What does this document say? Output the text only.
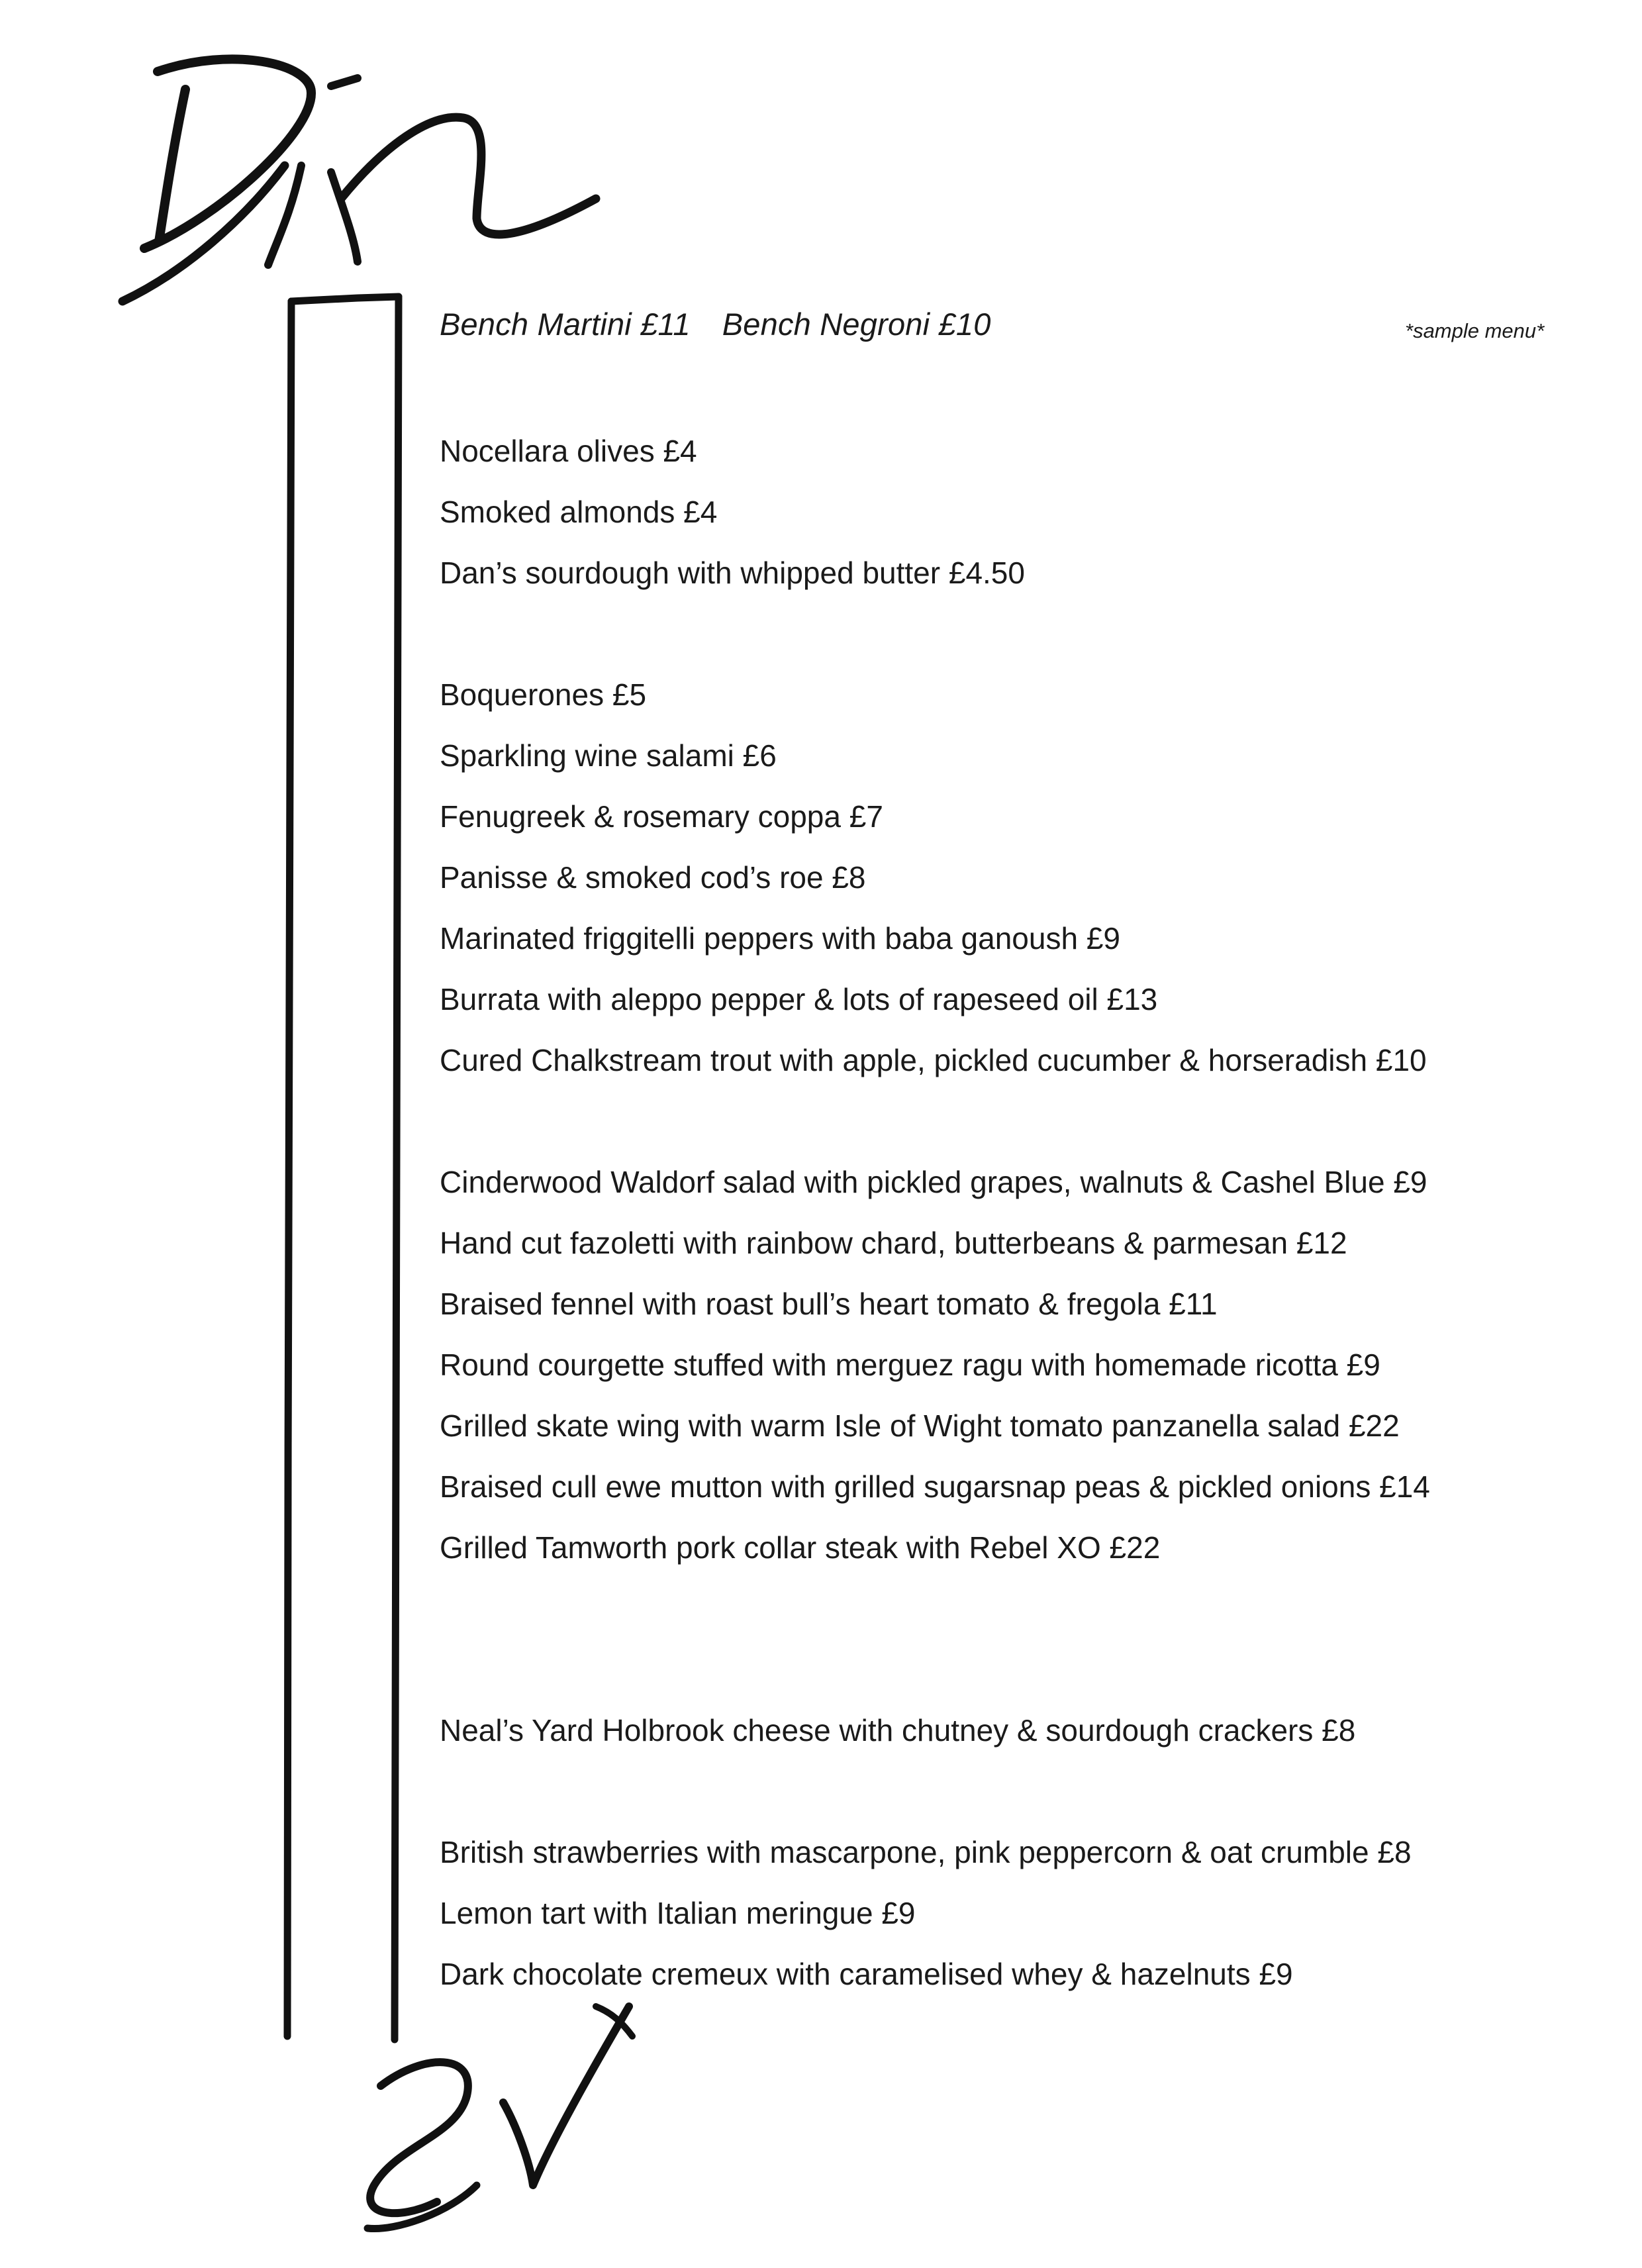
Bench Martini £11 Bench Negroni £10	*sample menu*
Nocellara olives £4
Smoked almonds £4
Dan’s sourdough with whipped butter £4.50
Boquerones £5
Sparkling wine salami £6
Fenugreek & rosemary coppa £7
Panisse & smoked cod’s roe £8
Marinated friggitelli peppers with baba ganoush £9
Burrata with aleppo pepper & lots of rapeseed oil £13
Cured Chalkstream trout with apple, pickled cucumber & horseradish £10
Cinderwood Waldorf salad with pickled grapes, walnuts & Cashel Blue £9
Hand cut fazoletti with rainbow chard, butterbeans & parmesan £12
Braised fennel with roast bull’s heart tomato & fregola £11
Round courgette stuffed with merguez ragu with homemade ricotta £9
Grilled skate wing with warm Isle of Wight tomato panzanella salad £22
Braised cull ewe mutton with grilled sugarsnap peas & pickled onions £14
Grilled Tamworth pork collar steak with Rebel XO £22
Neal’s Yard Holbrook cheese with chutney & sourdough crackers £8
British strawberries with mascarpone, pink peppercorn & oat crumble £8
Lemon tart with Italian meringue £9
Dark chocolate cremeux with caramelised whey & hazelnuts £9
